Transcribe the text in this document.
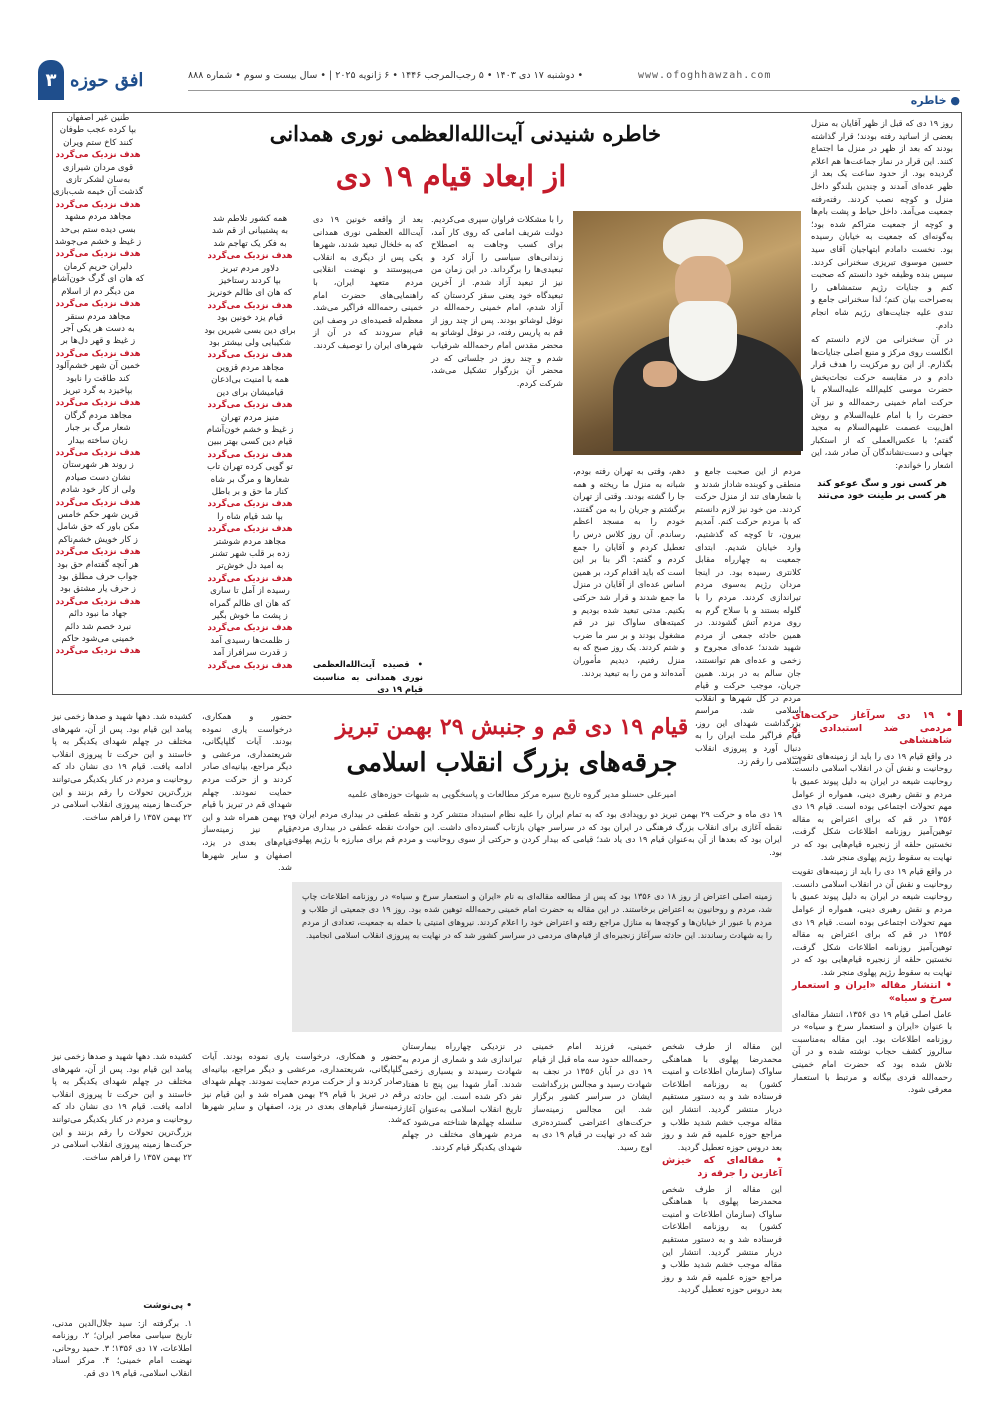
۳ افق حوزه	• دوشنبه ۱۷ دی ۱۴۰۳ • ۵ رجب‌المرجب ۱۴۴۶ • ۶ ژانویه ۲۰۲۵ | • سال بیست و سوم • شماره ۸۸۸	www.ofoghhawzah.com
● خاطره
خاطره شنیدنی آیت‌الله‌العظمی نوری همدانی
از ابعاد قیام ۱۹ دی

روز ۱۹ دی که قبل از ظهر آقایان به منزل بعضی از اساتید رفته بودند؛ قرار گذاشته بودند که بعد از ظهر در منزل ما اجتماع کنند. این قرار در نماز جماعت‌ها هم اعلام گردیده بود. از حدود ساعت یک بعد از ظهر عده‌ای آمدند و چندین بلندگو داخل منزل و کوچه نصب کردند. رفته‌رفته جمعیت می‌آمد. داخل حیاط و پشت بام‌ها و کوچه از جمعیت متراکم شده بود؛ به‌گونه‌ای که جمعیت به خیابان رسیده بود. نخست دامادم ابتهاجیان آقای سید حسین موسوی تبریزی سخنرانی کردند. سپس بنده وظیفه خود دانستم که صحبت کنم و جنایات رژیم ستمشاهی را به‌صراحت بیان کنم؛ لذا سخنرانی جامع و تندی علیه جنایت‌های رژیم شاه انجام دادم.

در آن سخنرانی من لازم دانستم که انگلست روی مرکز و منبع اصلی جنایات‌ها بگذارم. از این رو مرکزیت را هدف قرار دادم و در مقابسه حرکت نجات‌بخش حضرت موسی کلیم‌الله علیه‌السلام با حرکت امام خمینی رحمه‌الله و نیز آن حضرت را با امام علیه‌السلام و روش اهل‌بیت عصمت علیهم‌السلام به مجید گفتم؛ با عکس‌العملی که از استکبار جهانی و دست‌نشاندگان آن صادر شد، این اشعار را خواندم:

هر کسی نور و سگ عوعو کند
هر کسی بر طینت خود می‌تند
مردم از این صحبت جامع و منطقی و کوبنده شاداز شدند و با شعارهای تند از منزل حرکت کردند. من خود نیز لازم دانستم که با مردم حرکت کنم. آمدیم بیرون، تا کوچه که گذشتیم، وارد خیابان شدیم. ابتدای جمعیت به چهارراه مقابل کلانتری رسیده بود. در اینجا مردان رژیم به‌سوی مردم تیراندازی کردند. مردم را با گلوله بستند و با سلاح گرم به روی مردم آتش گشودند. در همین حادثه جمعی از مردم شهید شدند؛ عده‌ای مجروح و زخمی و عده‌ای هم توانستند، جان سالم به در برند. همین جریان، موجب حرکت و قیام مردم در کل شهرها و انقلاب اسلامی شد. مراسم بزرگداشت شهدای این روز، قیام فراگیر ملت ایران را به دنبال آورد و پیروزی انقلاب اسلامی را رقم زد.
دهم، وقتی به تهران رفته بودم، شبانه به منزل ما ریخته و همه جا را گشته بودند. وقتی از تهران برگشتم و جریان را به من گفتند، خودم را به مسجد اعظم رساندم. آن روز کلاس درس را تعطیل کردم و آقایان را جمع کردم و گفتم: اگر بنا بر این است که باید اقدام کرد، بر همین اساس عده‌ای از آقایان در منزل ما جمع شدند و قرار شد حرکتی بکنیم. مدتی تبعید شده بودیم و کمیته‌های ساواک نیز در قم مشغول بودند و بر سر ما ضرب و شتم کردند. یک روز صبح که به منزل رفتیم، دیدیم مأموران آمده‌اند و من را به تبعید بردند.
را با مشکلات فراوان سپری می‌کردیم. دولت شریف امامی که روی کار آمد، برای کسب وجاهت به اصطلاح زندانی‌های سیاسی را آزاد کرد و تبعیدی‌ها را برگرداند. در این زمان من نیز از تبعید آزاد شدم. از آخرین تبعیدگاه خود یعنی سقز کردستان که آزاد شدم، امام خمینی رحمه‌الله در نوفل لوشاتو بودند. پس از چند روز از قم به پاریس رفته، در نوفل لوشاتو به محضر مقدس امام رحمه‌الله شرفیاب شدم و چند روز در جلساتی که در محضر آن بزرگوار تشکیل می‌شد، شرکت کردم.
بعد از واقعه خونین ۱۹ دی آیت‌الله العظمی نوری همدانی که به خلخال تبعید شدند، شهرها یکی پس از دیگری به انقلاب می‌پیوستند و نهضت انقلابی مردم متعهد ایران، با راهنمایی‌های حضرت امام خمینی رحمه‌الله فراگیر می‌شد. معظم‌له قصیده‌ای در وصف این قیام سرودند که در آن از شهرهای ایران را توصیف کردند.
• قصیده آیت‌الله‌العظمی نوری همدانی به مناسبت قیام ۱۹ دی
همه کشور تلاطم شد
به پشتیبانی از قم شد
به فکر یک تهاجم شد
هدف نزدیک می‌گردد
دلاور مردم تبریز
بپا کردند رستاخیز
که هان ای ظالم خونریز
هدف نزدیک می‌گردد
قیام یزد خونین بود
برای دین بسی شیرین بود
شکیبایی ولی بیشتر بود
هدف نزدیک می‌گردد
مجاهد مردم قزوین
همه با امنیت بی‌اذعان
قیامیشان برای دین
هدف نزدیک می‌گردد
منیز مردم تهران
ز غیظ و خشم خون‌آشام
قیام دین کسی بهتر ببین
هدف نزدیک می‌گردد
تو گویی کرده تهران تاب
شعارها و مرگ بر شاه
کنار ما حق و بر باطل
هدف نزدیک می‌گردد
بپا شد قیام شاه را
هدف نزدیک می‌گردد
مجاهد مردم شوشتر
زده بر قلب شهر تشنر
به امید دل خوش‌تر
هدف نزدیک می‌گردد
رسیده از آمل تا ساری
که هان ای ظالم گمراه
ز پشت ما خوش بگیر
هدف نزدیک می‌گردد
ز ظلمت‌ها رسیدی آمد
ز قدرت سرافراز آمد
هدف نزدیک می‌گردد
طنین غیر اصفهان
بپا کرده عجب طوفان
کنند کاخ ستم ویران
هدف نزدیک می‌گردد
قوی مردان شیرازی
به‌سان لشکر تازی
گذشت آن خیمه شب‌بازی
هدف نزدیک می‌گردد
مجاهد مردم مشهد
بسی دیده ستم بی‌حد
ز غیظ و خشم می‌جوشد
هدف نزدیک می‌گردد
دلیران حریم کرمان
که هان ای گرگ خون‌آشام
من دیگر دم از اسلام
هدف نزدیک می‌گردد
مجاهد مردم سنقر
به دست هر یکی آجر
ز غیظ و قهر دل‌ها بر
هدف نزدیک می‌گردد
خمین آن شهر خشم‌آلود
کند طاقت را نابود
بپاخیزد به گرد تبریز
هدف نزدیک می‌گردد
مجاهد مردم گرگان
شعار مرگ بر جبار
زبان ساخته بیدار
هدف نزدیک می‌گردد
ز روند هر شهرستان
نشان دست صیادم
ولی از کار خود شادم
هدف نزدیک می‌گردد
قرین شهر حکم خامس
مکن باور که حق شامل
ز کار خویش خشم‌ناکم
هدف نزدیک می‌گردد
هر آنچه گفته‌ام حق بود
جواب حرف مطلق بود
ز حرف یار مشتق بود
هدف نزدیک می‌گردد
جهاد ما نبود دائم
نبرد خصم شد دائم
خمینی می‌شود حاکم
هدف نزدیک می‌گردد
قیام ۱۹ دی قم و جنبش ۲۹ بهمن تبریز
جرقه‌های بزرگ انقلاب اسلامی
امیرعلی حسنلو مدیر گروه تاریخ سیره مرکز مطالعات و پاسخگویی به شبهات حوزه‌های علمیه

• ۱۹ دی سرآغاز حرکت‌های مردمی ضد استبدادی و شاهنشاهی

در واقع قیام ۱۹ دی را باید از زمینه‌های تقویت روحانیت و نقش آن در انقلاب اسلامی دانست. روحانیت شیعه در ایران به دلیل پیوند عمیق با مردم و نقش رهبری دینی، همواره از عوامل مهم تحولات اجتماعی بوده است. قیام ۱۹ دی ۱۳۵۶ در قم که برای اعتراض به مقاله توهین‌آمیز روزنامه اطلاعات شکل گرفت، نخستین حلقه از زنجیره قیام‌هایی بود که در نهایت به سقوط رژیم پهلوی منجر شد.

در واقع قیام ۱۹ دی را باید از زمینه‌های تقویت روحانیت و نقش آن در انقلاب اسلامی دانست. روحانیت شیعه در ایران به دلیل پیوند عمیق با مردم و نقش رهبری دینی، همواره از عوامل مهم تحولات اجتماعی بوده است. قیام ۱۹ دی ۱۳۵۶ در قم که برای اعتراض به مقاله توهین‌آمیز روزنامه اطلاعات شکل گرفت، نخستین حلقه از زنجیره قیام‌هایی بود که در نهایت به سقوط رژیم پهلوی منجر شد.

• انتشار مقاله «ایران و استعمار سرخ و سیاه»

عامل اصلی قیام ۱۹ دی ۱۳۵۶، انتشار مقاله‌ای با عنوان «ایران و استعمار سرخ و سیاه» در روزنامه اطلاعات بود. این مقاله به‌مناسبت سالروز کشف حجاب نوشته شده و در آن تلاش شده بود که حضرت امام خمینی رحمه‌الله فردی بیگانه و مرتبط با استعمار معرفی شود.

۱۹ دی ماه و حرکت ۲۹ بهمن تبریز دو رویدادی بود که به تمام ایران را علیه نظام استبداد منتشر کرد و نقطه عطفی در بیداری مردم ایران و نقطه آغازی برای انقلاب بزرگ فرهنگی در ایران بود که در سراسر جهان بازتاب گسترده‌ای داشت. این حوادث نقطه عطفی در بیداری مردم ایران بود که بعدها از آن به‌عنوان قیام ۱۹ دی یاد شد؛ قیامی که بیدار کردن و حرکتی از سوی روحانیت و مردم قم برای مبارزه با رژیم پهلوی بود.
زمینه اصلی اعتراض از روز ۱۸ دی ۱۳۵۶ بود که پس از مطالعه مقاله‌ای به نام «ایران و استعمار سرخ و سیاه» در روزنامه اطلاعات چاپ شد، مردم و روحانیون به اعتراض برخاستند. در این مقاله به حضرت امام خمینی رحمه‌الله توهین شده بود. روز ۱۹ دی جمعیتی از طلاب و مردم با عبور از خیابان‌ها و کوچه‌ها به منازل مراجع رفته و اعتراض خود را اعلام کردند. نیروهای امنیتی با حمله به جمعیت، تعدادی از مردم را به شهادت رساندند. این حادثه سرآغاز زنجیره‌ای از قیام‌های مردمی در سراسر کشور شد که در نهایت به پیروزی انقلاب اسلامی انجامید.
حضور و همکاری، درخواست یاری نموده بودند. آیات گلپایگانی، شریعتمداری، مرعشی و دیگر مراجع، بیانیه‌ای صادر کردند و از حرکت مردم حمایت نمودند. چهلم شهدای قم در تبریز با قیام ۲۹ بهمن همراه شد و این قیام نیز زمینه‌ساز قیام‌های بعدی در یزد، اصفهان و سایر شهرها شد.
کشیده شد. دهها شهید و صدها زخمی نیز پیامد این قیام بود. پس از آن، شهرهای مختلف در چهلم شهدای یکدیگر به پا خاستند و این حرکت تا پیروزی انقلاب ادامه یافت. قیام ۱۹ دی نشان داد که روحانیت و مردم در کنار یکدیگر می‌توانند بزرگ‌ترین تحولات را رقم بزنند و این حرکت‌ها زمینه پیروزی انقلاب اسلامی در ۲۲ بهمن ۱۳۵۷ را فراهم ساخت.

این مقاله از طرف شخص محمدرضا پهلوی با هماهنگی ساواک (سازمان اطلاعات و امنیت کشور) به روزنامه اطلاعات فرستاده شد و به دستور مستقیم دربار منتشر گردید. انتشار این مقاله موجب خشم شدید طلاب و مراجع حوزه علمیه قم شد و روز بعد دروس حوزه تعطیل گردید.

• مقاله‌ای که خیزش آغازین را جرقه زد

این مقاله از طرف شخص محمدرضا پهلوی با هماهنگی ساواک (سازمان اطلاعات و امنیت کشور) به روزنامه اطلاعات فرستاده شد و به دستور مستقیم دربار منتشر گردید. انتشار این مقاله موجب خشم شدید طلاب و مراجع حوزه علمیه قم شد و روز بعد دروس حوزه تعطیل گردید.

خمینی، فرزند امام خمینی رحمه‌الله حدود سه ماه قبل از قیام ۱۹ دی در آبان ۱۳۵۶ در نجف به شهادت رسید و مجالس بزرگداشت ایشان در سراسر کشور برگزار شد. این مجالس زمینه‌ساز حرکت‌های اعتراضی گسترده‌تری شد که در نهایت در قیام ۱۹ دی به اوج رسید.
در نزدیکی چهارراه بیمارستان تیراندازی شد و شماری از مردم به شهادت رسیدند و بسیاری زخمی شدند. آمار شهدا بین پنج تا هفتاد نفر ذکر شده است. این حادثه در تاریخ انقلاب اسلامی به‌عنوان آغاز سلسله چهلم‌ها شناخته می‌شود که مردم شهرهای مختلف در چهلم شهدای یکدیگر قیام کردند.
حضور و همکاری، درخواست یاری نموده بودند. آیات گلپایگانی، شریعتمداری، مرعشی و دیگر مراجع، بیانیه‌ای صادر کردند و از حرکت مردم حمایت نمودند. چهلم شهدای قم در تبریز با قیام ۲۹ بهمن همراه شد و این قیام نیز زمینه‌ساز قیام‌های بعدی در یزد، اصفهان و سایر شهرها شد.
کشیده شد. دهها شهید و صدها زخمی نیز پیامد این قیام بود. پس از آن، شهرهای مختلف در چهلم شهدای یکدیگر به پا خاستند و این حرکت تا پیروزی انقلاب ادامه یافت. قیام ۱۹ دی نشان داد که روحانیت و مردم در کنار یکدیگر می‌توانند بزرگ‌ترین تحولات را رقم بزنند و این حرکت‌ها زمینه پیروزی انقلاب اسلامی در ۲۲ بهمن ۱۳۵۷ را فراهم ساخت.
• پی‌نوشت
۱. برگرفته از: سید جلال‌الدین مدنی، تاریخ سیاسی معاصر ایران؛ ۲. روزنامه اطلاعات، ۱۷ دی ۱۳۵۶؛ ۳. حمید روحانی، نهضت امام خمینی؛ ۴. مرکز اسناد انقلاب اسلامی، قیام ۱۹ دی قم.
